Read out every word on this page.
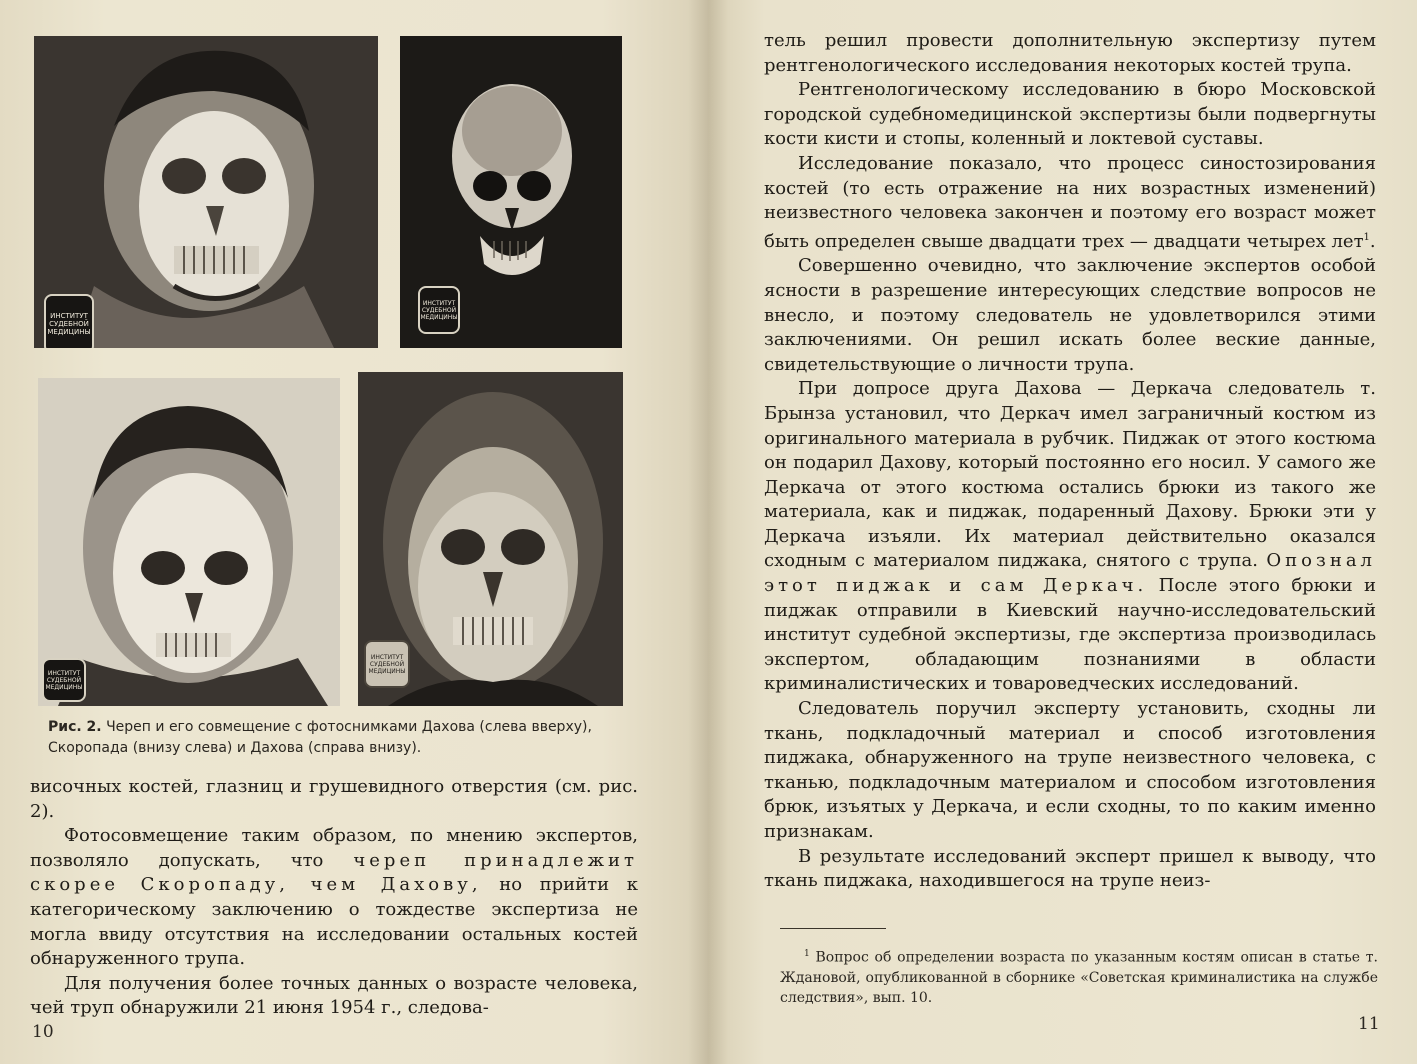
ИНСТИТУТ СУДЕБНОЙ МЕДИЦИНЫ
ИНСТИТУТ СУДЕБНОЙ МЕДИЦИНЫ
ИНСТИТУТ СУДЕБНОЙ МЕДИЦИНЫ
ИНСТИТУТ СУДЕБНОЙ МЕДИЦИНЫ
Рис. 2. Череп и его совмещение с фотоснимками Дахова (слева вверху), Скоропада (внизу слева) и Дахова (справа внизу).

височных костей, глазниц и грушевидного отверстия (см. рис. 2).

Фотосовмещение таким образом, по мнению экспертов, позволяло допускать, что череп принадлежит скорее Скоропаду, чем Дахову, но прийти к категорическому заключению о тождестве экспертиза не могла ввиду отсутствия на исследовании остальных костей обнаруженного трупа.

Для получения более точных данных о возрасте человека, чей труп обнаружили 21 июня 1954 г., следова-

10

тель решил провести дополнительную экспертизу путем рентгенологического исследования некоторых костей трупа.

Рентгенологическому исследованию в бюро Московской городской судебномедицинской экспертизы были подвергнуты кости кисти и стопы, коленный и локтевой суставы.

Исследование показало, что процесс синостозирования костей (то есть отражение на них возрастных изменений) неизвестного человека закончен и поэтому его возраст может быть определен свыше двадцати трех — двадцати четырех лет$^1$.

Совершенно очевидно, что заключение экспертов особой ясности в разрешение интересующих следствие вопросов не внесло, и поэтому следователь не удовлетворился этими заключениями. Он решил искать более веские данные, свидетельствующие о личности трупа.

При допросе друга Дахова — Деркача следователь т. Брынза установил, что Деркач имел заграничный костюм из оригинального материала в рубчик. Пиджак от этого костюма он подарил Дахову, который постоянно его носил. У самого же Деркача от этого костюма остались брюки из такого же материала, как и пиджак, подаренный Дахову. Брюки эти у Деркача изъяли. Их материал действительно оказался сходным с материалом пиджака, снятого с трупа. Опознал этот пиджак и сам Деркач. После этого брюки и пиджак отправили в Киевский научно-исследовательский институт судебной экспертизы, где экспертиза производилась экспертом, обладающим познаниями в области криминалистических и товароведческих исследований.

Следователь поручил эксперту установить, сходны ли ткань, подкладочный материал и способ изготовления пиджака, обнаруженного на трупе неизвестного человека, с тканью, подкладочным материалом и способом изготовления брюк, изъятых у Деркача, и если сходны, то по каким именно признакам.

В результате исследований эксперт пришел к выводу, что ткань пиджака, находившегося на трупе неиз-

$^1$ Вопрос об определении возраста по указанным костям описан в статье т. Ждановой, опубликованной в сборнике «Советская криминалистика на службе следствия», вып. 10.
11
